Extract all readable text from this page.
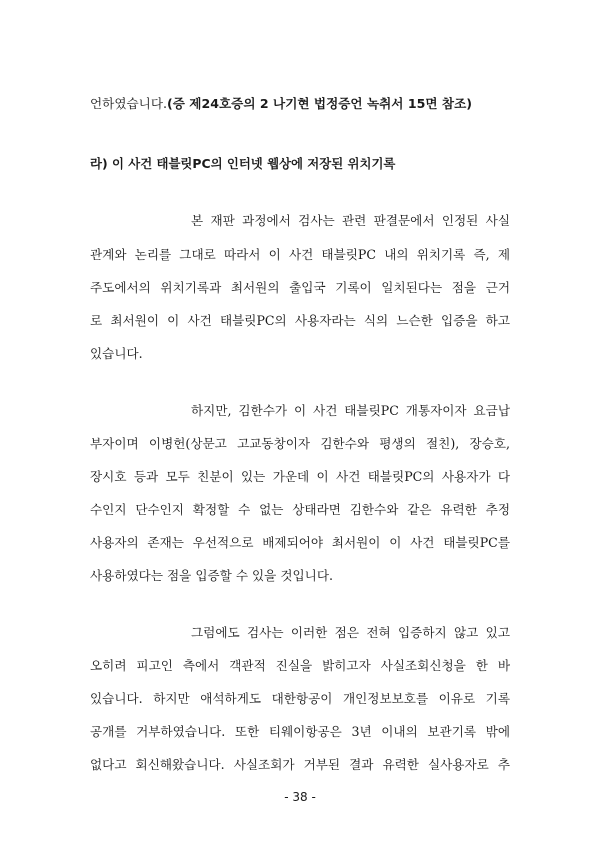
언하였습니다.(증 제24호증의 2 나기현 법정증언 녹취서 15면 참조)
라) 이 사건 태블릿PC의 인터넷 웹상에 저장된 위치기록
본 재판 과정에서 검사는 관련 판결문에서 인정된 사실
관계와 논리를 그대로 따라서 이 사건 태블릿PC 내의 위치기록 즉, 제
주도에서의 위치기록과 최서원의 출입국 기록이 일치된다는 점을 근거
로 최서원이 이 사건 태블릿PC의 사용자라는 식의 느슨한 입증을 하고
있습니다.
하지만, 김한수가 이 사건 태블릿PC 개통자이자 요금납
부자이며 이병헌(상문고 고교동창이자 김한수와 평생의 절친), 장승호,
장시호 등과 모두 친분이 있는 가운데 이 사건 태블릿PC의 사용자가 다
수인지 단수인지 확정할 수 없는 상태라면 김한수와 같은 유력한 추정
사용자의 존재는 우선적으로 배제되어야 최서원이 이 사건 태블릿PC를
사용하였다는 점을 입증할 수 있을 것입니다.
그럼에도 검사는 이러한 점은 전혀 입증하지 않고 있고
오히려 피고인 측에서 객관적 진실을 밝히고자 사실조회신청을 한 바
있습니다. 하지만 애석하게도 대한항공이 개인정보보호를 이유로 기록
공개를 거부하였습니다. 또한 티웨이항공은 3년 이내의 보관기록 밖에
없다고 회신해왔습니다. 사실조회가 거부된 결과 유력한 실사용자로 추
- 38 -
